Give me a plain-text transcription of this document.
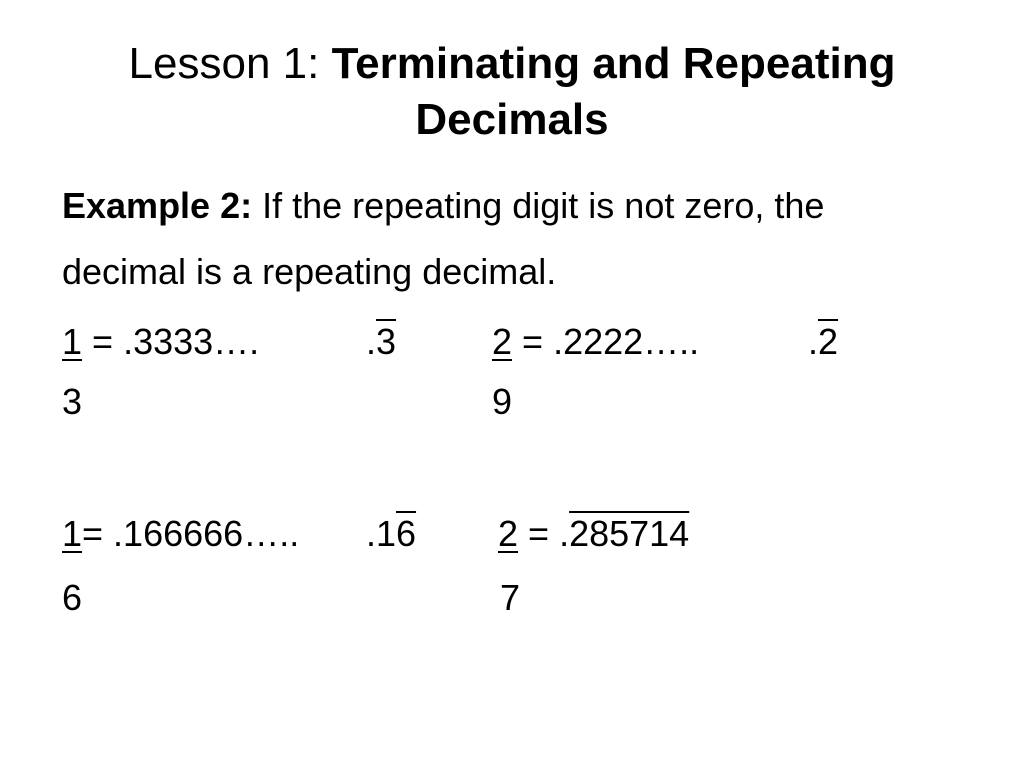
Lesson 1: Terminating and Repeating Decimals
Example 2: If the repeating digit is not zero, the
decimal is a repeating decimal.
1 = .3333….	.3
3
2 = .2222…..	.2
9
1= .166666….. .16
6
2 = .285714
7
